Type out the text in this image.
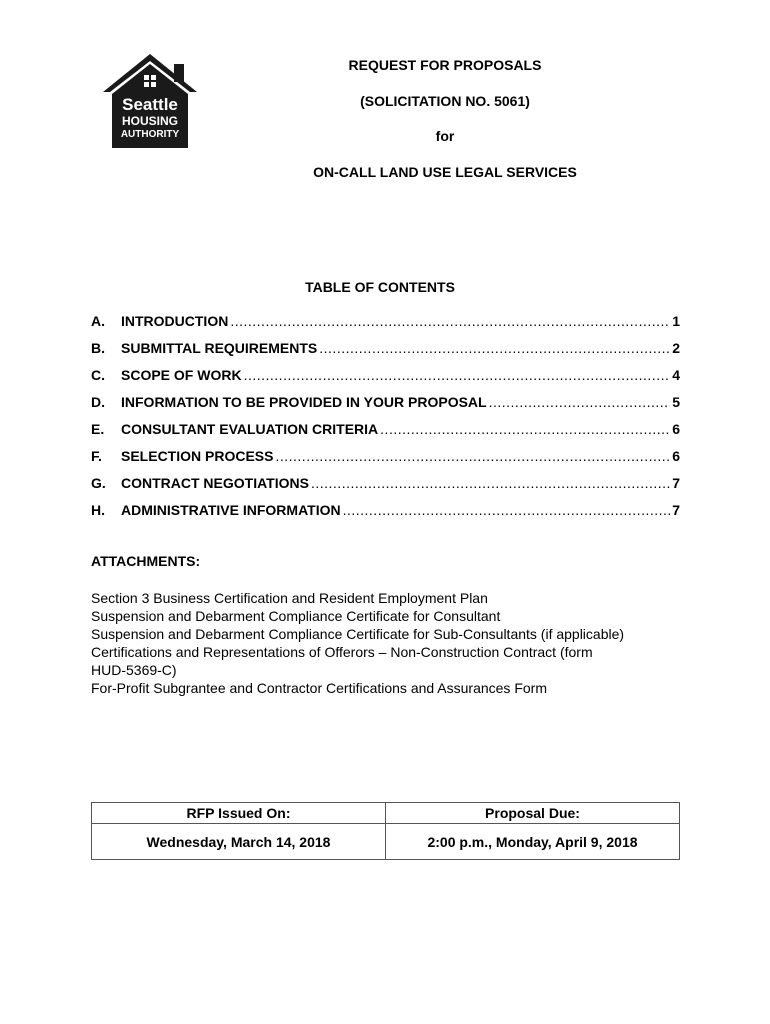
Seattle
HOUSING
AUTHORITY
REQUEST FOR PROPOSALS
(SOLICITATION NO. 5061)
for
ON-CALL LAND USE LEGAL SERVICES
TABLE OF CONTENTS
A.	INTRODUCTION .....	1
B.	SUBMITTAL REQUIREMENTS .....	2
C.	SCOPE OF WORK .....	4
D.	INFORMATION TO BE PROVIDED IN YOUR PROPOSAL .....	5
E.	CONSULTANT EVALUATION CRITERIA .....	6
F.	SELECTION PROCESS .....	6
G.	CONTRACT NEGOTIATIONS .....	7
H.	ADMINISTRATIVE INFORMATION .....	7
ATTACHMENTS:
Section 3 Business Certification and Resident Employment Plan
Suspension and Debarment Compliance Certificate for Consultant
Suspension and Debarment Compliance Certificate for Sub-Consultants (if applicable)
Certifications and Representations of Offerors – Non-Construction Contract (form
HUD-5369-C)
For-Profit Subgrantee and Contractor Certifications and Assurances Form
RFP Issued On:	Proposal Due:
Wednesday, March 14, 2018	2:00 p.m., Monday, April 9, 2018
